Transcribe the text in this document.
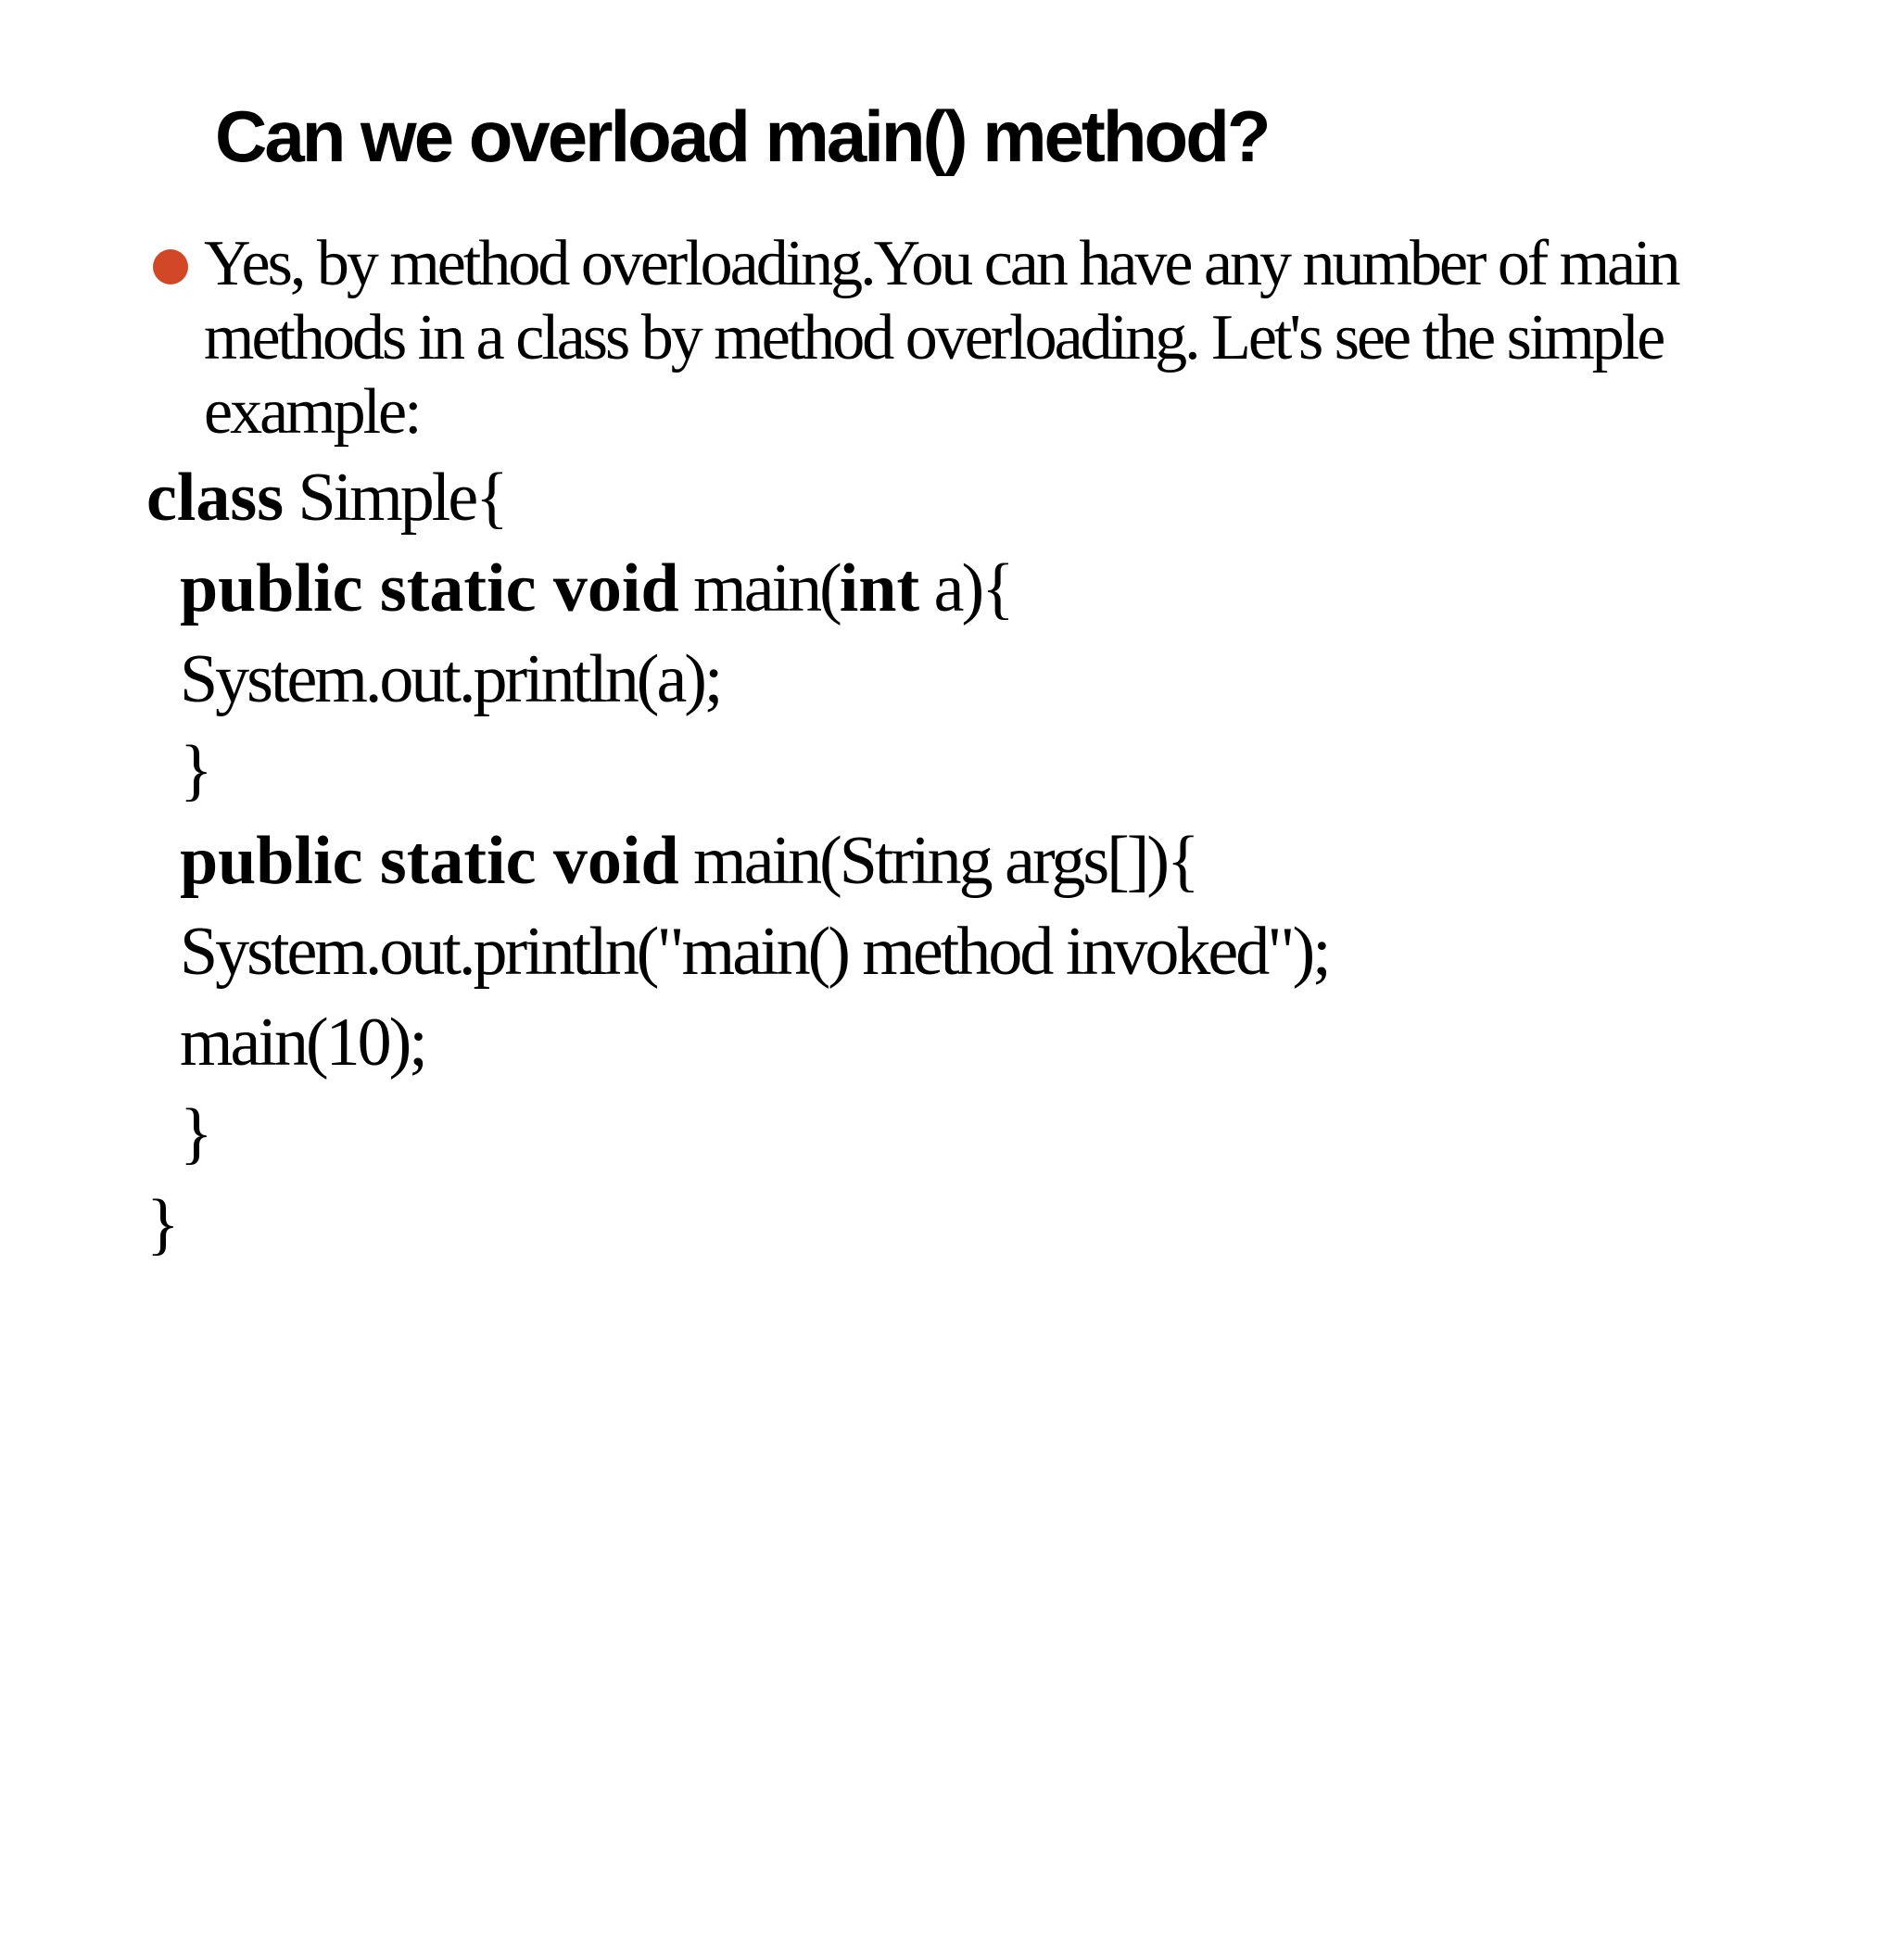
Can we overload main() method?
Yes, by method overloading.You can have any number of main methods in a class by method overloading. Let's see the simple example:

class Simple{

public static void main(int a){

System.out.println(a);

}

public static void main(String args[]){

System.out.println("main() method invoked");

main(10);

}

}
